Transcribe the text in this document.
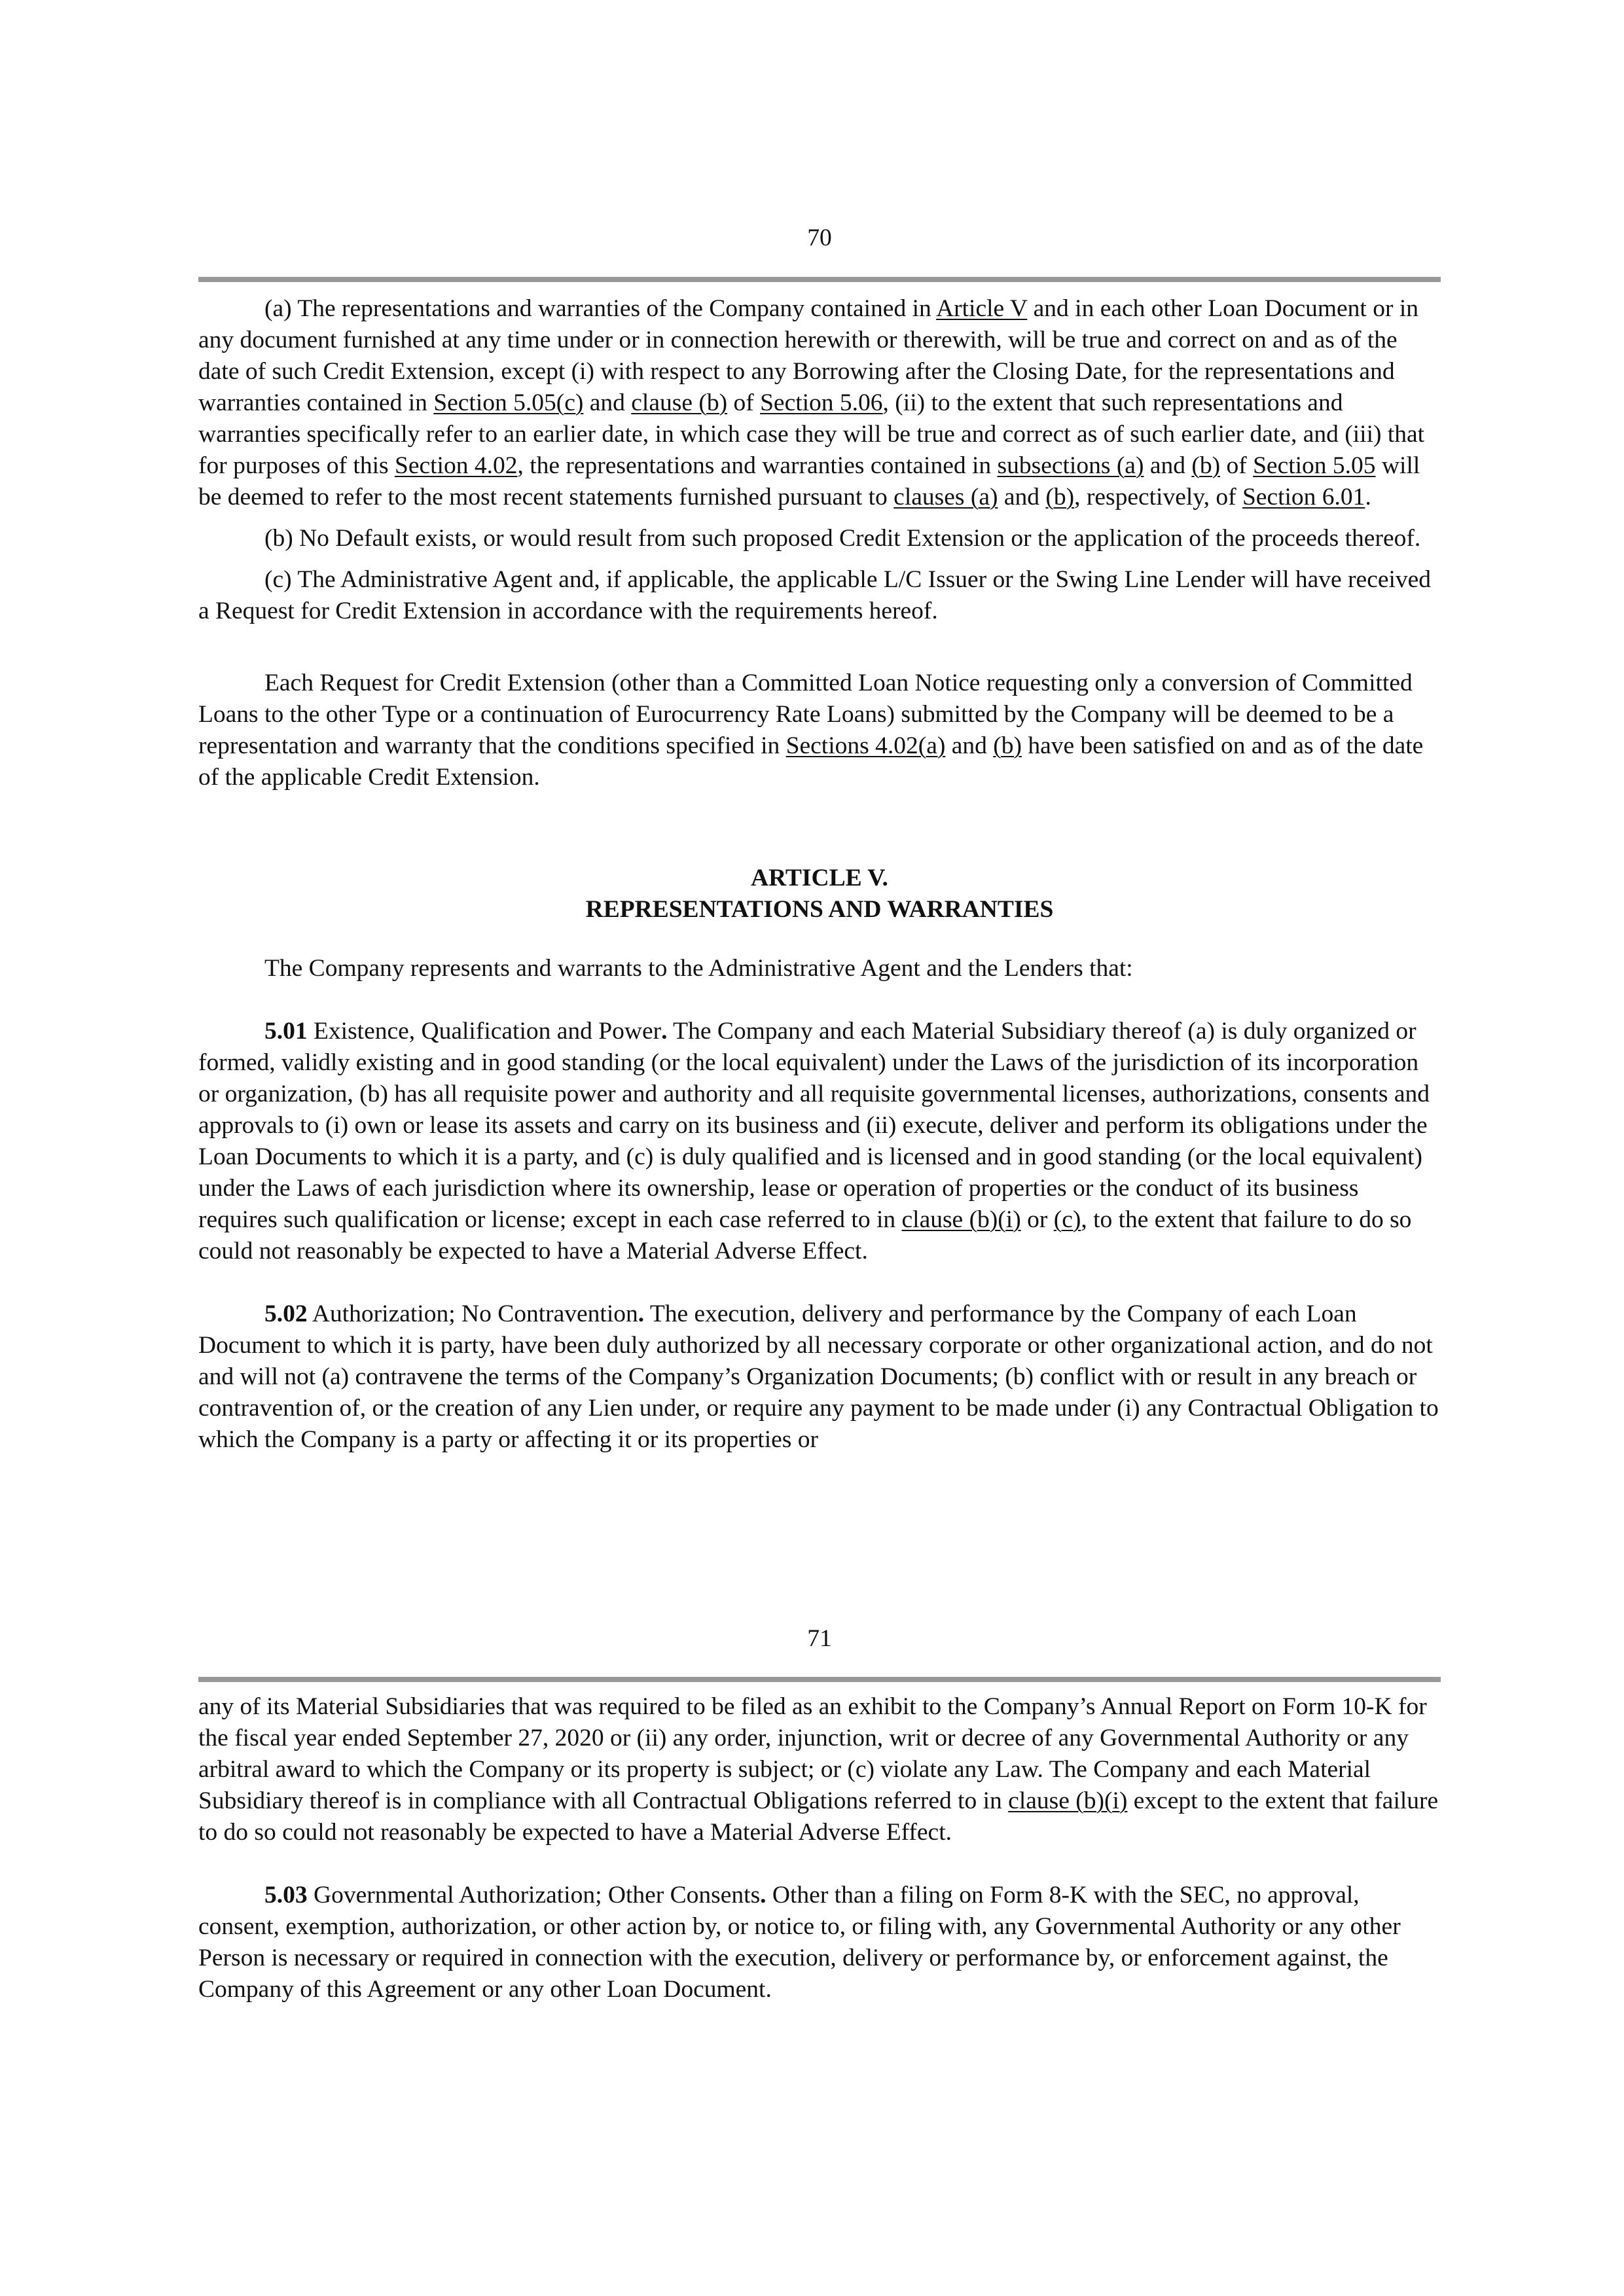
70

(a) The representations and warranties of the Company contained in Article V and in each other Loan Document or in any document furnished at any time under or in connection herewith or therewith, will be true and correct on and as of the date of such Credit Extension, except (i) with respect to any Borrowing after the Closing Date, for the representations and warranties contained in Section 5.05(c) and clause (b) of Section 5.06, (ii) to the extent that such representations and warranties specifically refer to an earlier date, in which case they will be true and correct as of such earlier date, and (iii) that for purposes of this Section 4.02, the representations and warranties contained in subsections (a) and (b) of Section 5.05 will be deemed to refer to the most recent statements furnished pursuant to clauses (a) and (b), respectively, of Section 6.01.

(b) No Default exists, or would result from such proposed Credit Extension or the application of the proceeds thereof.

(c) The Administrative Agent and, if applicable, the applicable L/C Issuer or the Swing Line Lender will have received a Request for Credit Extension in accordance with the requirements hereof.

Each Request for Credit Extension (other than a Committed Loan Notice requesting only a conversion of Committed Loans to the other Type or a continuation of Eurocurrency Rate Loans) submitted by the Company will be deemed to be a representation and warranty that the conditions specified in Sections 4.02(a) and (b) have been satisfied on and as of the date of the applicable Credit Extension.

ARTICLE V.

REPRESENTATIONS AND WARRANTIES

The Company represents and warrants to the Administrative Agent and the Lenders that:

5.01 Existence, Qualification and Power. The Company and each Material Subsidiary thereof (a) is duly organized or formed, validly existing and in good standing (or the local equivalent) under the Laws of the jurisdiction of its incorporation or organization, (b) has all requisite power and authority and all requisite governmental licenses, authorizations, consents and approvals to (i) own or lease its assets and carry on its business and (ii) execute, deliver and perform its obligations under the Loan Documents to which it is a party, and (c) is duly qualified and is licensed and in good standing (or the local equivalent) under the Laws of each jurisdiction where its ownership, lease or operation of properties or the conduct of its business requires such qualification or license; except in each case referred to in clause (b)(i) or (c), to the extent that failure to do so could not reasonably be expected to have a Material Adverse Effect.

5.02 Authorization; No Contravention. The execution, delivery and performance by the Company of each Loan Document to which it is party, have been duly authorized by all necessary corporate or other organizational action, and do not and will not (a) contravene the terms of the Company’s Organization Documents; (b) conflict with or result in any breach or contravention of, or the creation of any Lien under, or require any payment to be made under (i) any Contractual Obligation to which the Company is a party or affecting it or its properties or

71

any of its Material Subsidiaries that was required to be filed as an exhibit to the Company’s Annual Report on Form 10-K for the fiscal year ended September 27, 2020 or (ii) any order, injunction, writ or decree of any Governmental Authority or any arbitral award to which the Company or its property is subject; or (c) violate any Law. The Company and each Material Subsidiary thereof is in compliance with all Contractual Obligations referred to in clause (b)(i) except to the extent that failure to do so could not reasonably be expected to have a Material Adverse Effect.

5.03 Governmental Authorization; Other Consents. Other than a filing on Form 8-K with the SEC, no approval, consent, exemption, authorization, or other action by, or notice to, or filing with, any Governmental Authority or any other Person is necessary or required in connection with the execution, delivery or performance by, or enforcement against, the Company of this Agreement or any other Loan Document.
